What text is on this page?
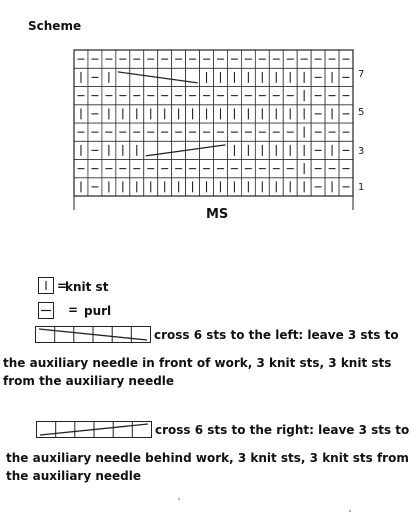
Scheme
7
5
3
1
MS
=
knit st
= purl
cross 6 sts to the left: leave 3 sts to
the auxiliary needle in front of work, 3 knit sts, 3 knit sts
from the auxiliary needle
cross 6 sts to the right: leave 3 sts to
the auxiliary needle behind work, 3 knit sts, 3 knit sts from
the auxiliary needle
